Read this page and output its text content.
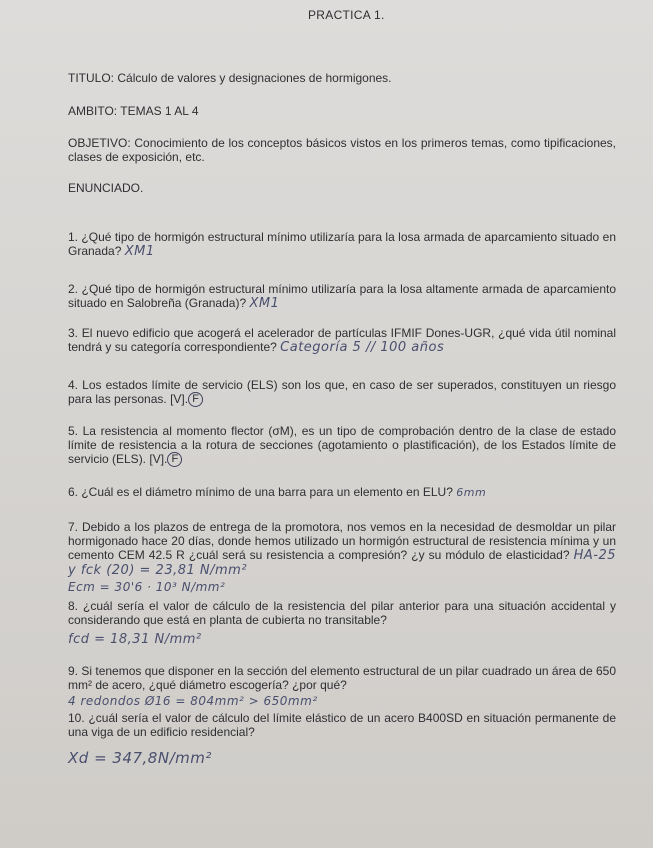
PRACTICA 1.
TITULO: Cálculo de valores y designaciones de hormigones.
AMBITO: TEMAS 1 AL 4
OBJETIVO: Conocimiento de los conceptos básicos vistos en los primeros temas, como tipificaciones, clases de exposición, etc.
ENUNCIADO.
1. ¿Qué tipo de hormigón estructural mínimo utilizaría para la losa armada de aparcamiento situado en Granada? XM1
2. ¿Qué tipo de hormigón estructural mínimo utilizaría para la losa altamente armada de aparcamiento situado en Salobreña (Granada)? XM1
3. El nuevo edificio que acogerá el acelerador de partículas IFMIF Dones-UGR, ¿qué vida útil nominal tendrá y su categoría correspondiente? Categoría 5 // 100 años
4. Los estados límite de servicio (ELS) son los que, en caso de ser superados, constituyen un riesgo para las personas. [V]. F
5. La resistencia al momento flector (σM), es un tipo de comprobación dentro de la clase de estado límite de resistencia a la rotura de secciones (agotamiento o plastificación), de los Estados límite de servicio (ELS). [V]. F
6. ¿Cuál es el diámetro mínimo de una barra para un elemento en ELU? 6mm
7. Debido a los plazos de entrega de la promotora, nos vemos en la necesidad de desmoldar un pilar hormigonado hace 20 días, donde hemos utilizado un hormigón estructural de resistencia mínima y un cemento CEM 42.5 R ¿cuál será su resistencia a compresión? ¿y su módulo de elasticidad? HA-25 y fck (20) = 23,81 N/mm²
Ecm = 30'6 · 10³ N/mm²
8. ¿cuál sería el valor de cálculo de la resistencia del pilar anterior para una situación accidental y considerando que está en planta de cubierta no transitable?
fcd = 18,31 N/mm²
9. Si tenemos que disponer en la sección del elemento estructural de un pilar cuadrado un área de 650 mm² de acero, ¿qué diámetro escogería? ¿por qué?
4 redondos Ø16 = 804mm² > 650mm²
10. ¿cuál sería el valor de cálculo del límite elástico de un acero B400SD en situación permanente de una viga de un edificio residencial?
Xd = 347,8N/mm²
